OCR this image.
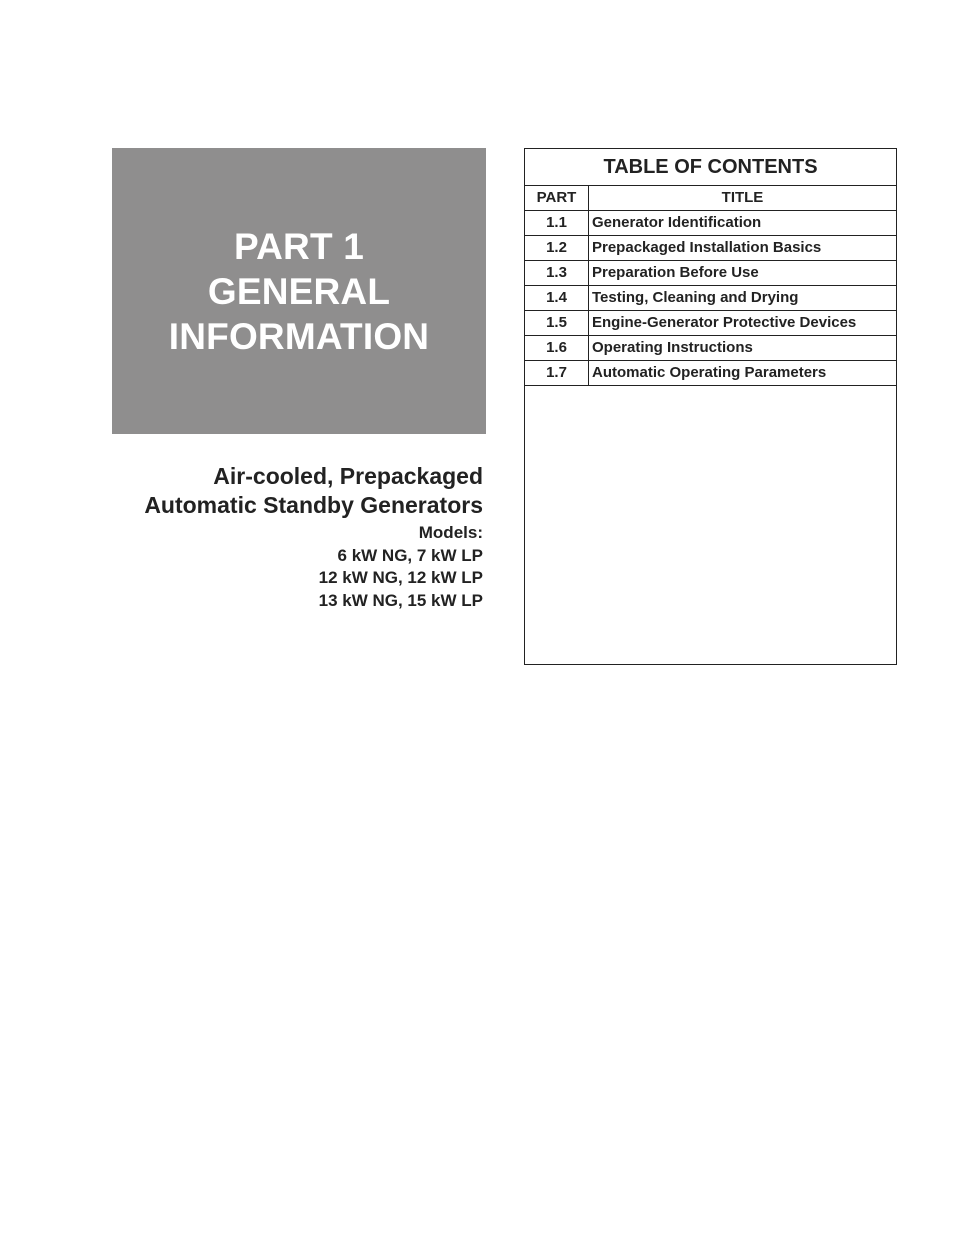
PART 1
GENERAL
INFORMATION
Air-cooled, Prepackaged
Automatic Standby Generators
Models:
6 kW NG, 7 kW LP
12 kW NG, 12 kW LP
13 kW NG, 15 kW LP
TABLE OF CONTENTS
PART	TITLE
1.1	Generator Identification
1.2	Prepackaged Installation Basics
1.3	Preparation Before Use
1.4	Testing, Cleaning and Drying
1.5	Engine-Generator Protective Devices
1.6	Operating Instructions
1.7	Automatic Operating Parameters
